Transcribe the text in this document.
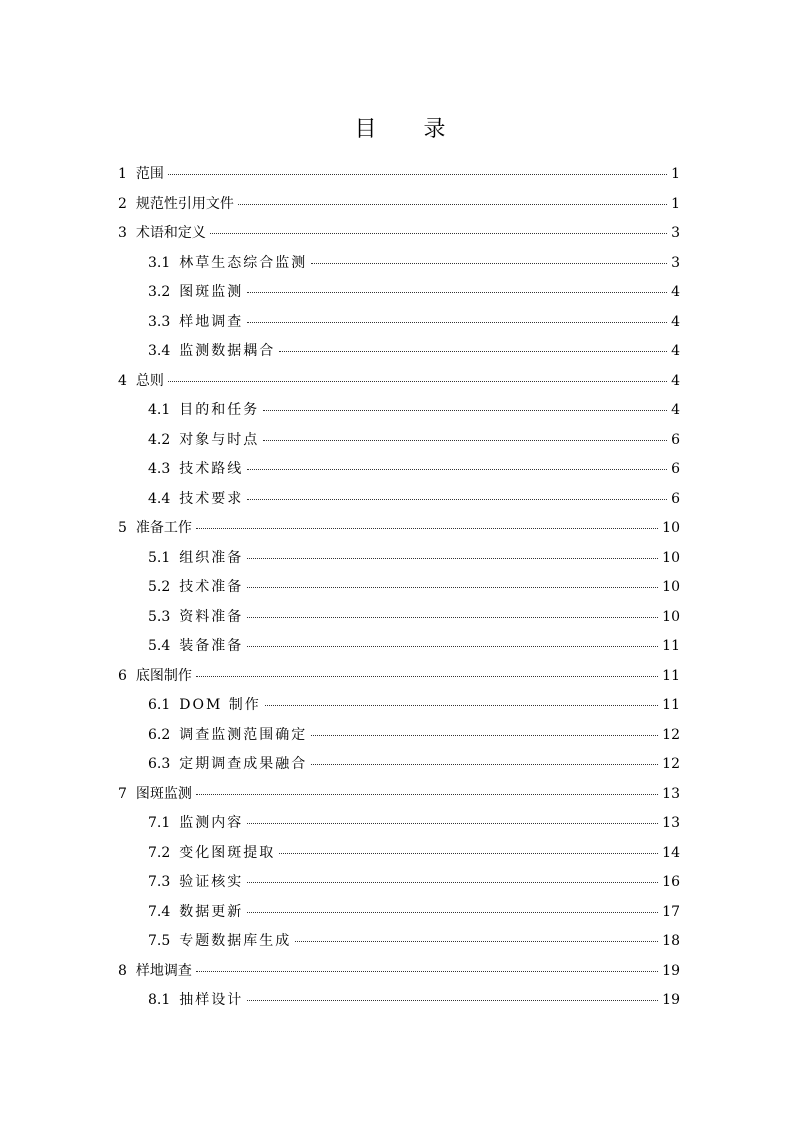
目 录
1 范围	1
2 规范性引用文件	1
3 术语和定义	3
3.1 林草生态综合监测	3
3.2 图斑监测	4
3.3 样地调查	4
3.4 监测数据耦合	4
4 总则	4
4.1 目的和任务	4
4.2 对象与时点	6
4.3 技术路线	6
4.4 技术要求	6
5 准备工作	10
5.1 组织准备	10
5.2 技术准备	10
5.3 资料准备	10
5.4 装备准备	11
6 底图制作	11
6.1 DOM 制作	11
6.2 调查监测范围确定	12
6.3 定期调查成果融合	12
7 图斑监测	13
7.1 监测内容	13
7.2 变化图斑提取	14
7.3 验证核实	16
7.4 数据更新	17
7.5 专题数据库生成	18
8 样地调查	19
8.1 抽样设计	19
